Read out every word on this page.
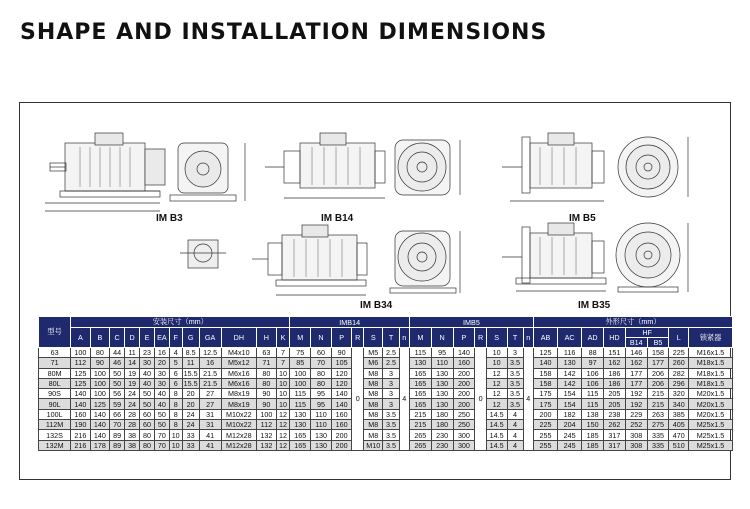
SHAPE AND INSTALLATION DIMENSIONS
IM B3	IM B14	IM B5
IM B34	IM B35
型号	安装尺寸（mm）												IMB14							IMB5							外形尺寸（mm）							
	A	B	C	D	E	EA	F	G	GA	DH	H	K	M	N	P	R	S	T	n	M	N	P	R	S	T	n	AB	AC	AD	HD	HF		L	锁紧器
																															B14	B5		
63	100	80	44	11	23	16	4	8.5	12.5	M4x10	63	7	75	60	90	0	M5	2.5	4	115	95	140	0	10	3	4	125	116	88	151	146	158	225	M16x1.5
71	112	90	46	14	30	20	5	11	16	M5x12	71	7	85	70	105		M6	2.5		130	110	160		10	3.5		140	130	97	162	162	177	260	M18x1.5
80M	125	100	50	19	40	30	6	15.5	21.5	M6x16	80	10	100	80	120		M8	3		165	130	200		12	3.5		158	142	106	186	177	206	282	M18x1.5
80L	125	100	50	19	40	30	6	15.5	21.5	M6x16	80	10	100	80	120		M8	3		165	130	200		12	3.5		158	142	106	186	177	206	296	M18x1.5
90S	140	100	56	24	50	40	8	20	27	M8x19	90	10	115	95	140		M8	3		165	130	200		12	3.5		175	154	115	205	192	215	320	M20x1.5
90L	140	125	59	24	50	40	8	20	27	M8x19	90	10	115	95	140		M8	3		165	130	200		12	3.5		175	154	115	205	192	215	340	M20x1.5
100L	160	140	66	28	60	50	8	24	31	M10x22	100	12	130	110	160		M8	3.5		215	180	250		14.5	4		200	182	138	238	229	263	385	M20x1.5
112M	190	140	70	28	60	50	8	24	31	M10x22	112	12	130	110	160		M8	3.5		215	180	250		14.5	4		225	204	150	262	252	275	405	M25x1.5
132S	216	140	89	38	80	70	10	33	41	M12x28	132	12	165	130	200		M8	3.5		265	230	300		14.5	4		255	245	185	317	308	335	470	M25x1.5
132M	216	178	89	38	80	70	10	33	41	M12x28	132	12	165	130	200		M10	3.5		265	230	300		14.5	4		255	245	185	317	308	335	510	M25x1.5
